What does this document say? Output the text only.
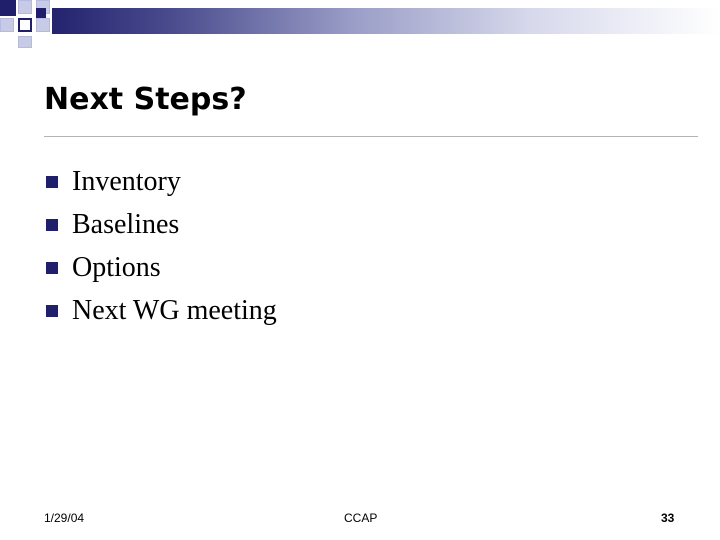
Next Steps?
Inventory
Baselines
Options
Next WG meeting
1/29/04	CCAP	33
